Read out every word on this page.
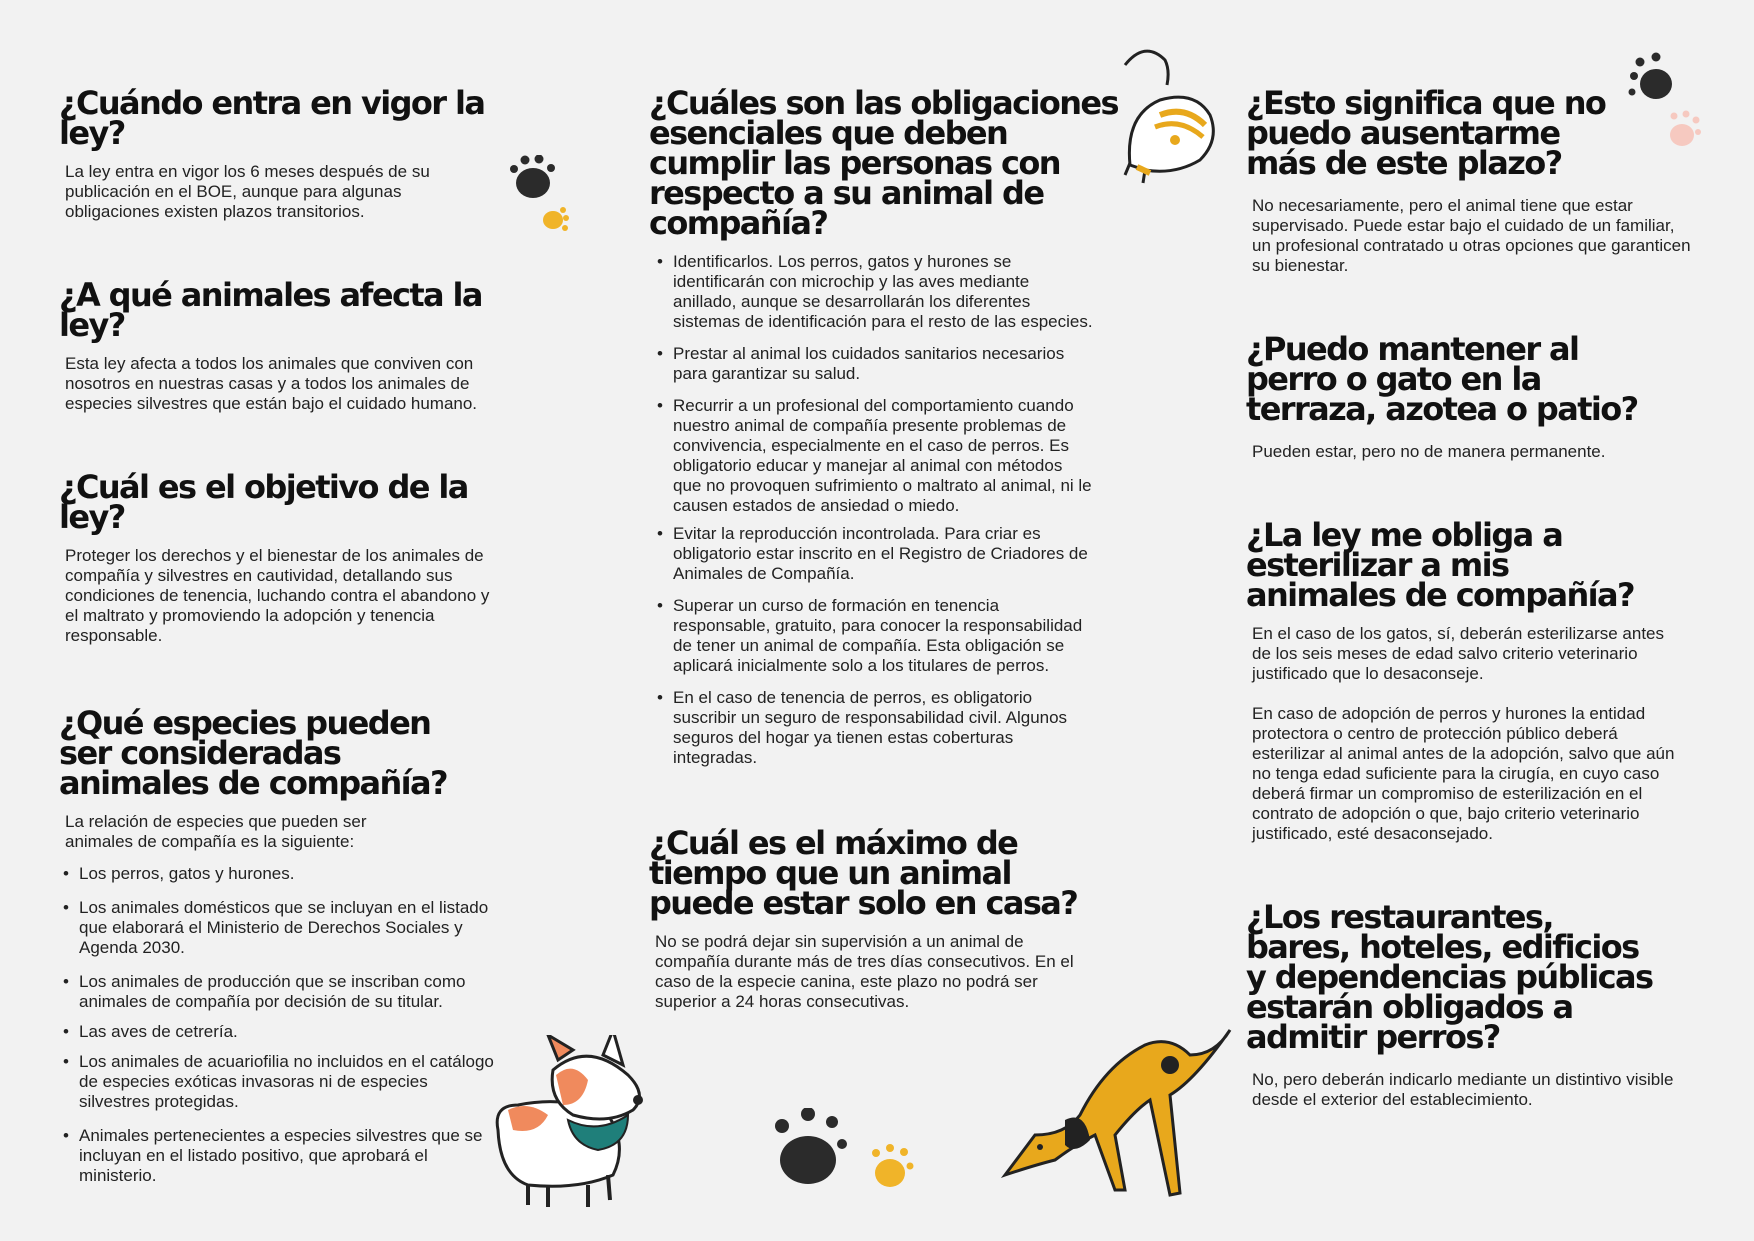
¿Cuándo entra en vigor la ley?

La ley entra en vigor los 6 meses después de su publicación en el BOE, aunque para algunas obligaciones existen plazos transitorios.

¿A qué animales afecta la ley?

Esta ley afecta a todos los animales que conviven con nosotros en nuestras casas y a todos los animales de especies silvestres que están bajo el cuidado humano.

¿Cuál es el objetivo de la ley?

Proteger los derechos y el bienestar de los animales de compañía y silvestres en cautividad, detallando sus condiciones de tenencia, luchando contra el abandono y el maltrato y promoviendo la adopción y tenencia responsable.

¿Qué especies pueden ser consideradas animales de compañía?

La relación de especies que pueden ser animales de compañía es la siguiente:

• Los perros, gatos y hurones.
• Los animales domésticos que se incluyan en el listado que elaborará el Ministerio de Derechos Sociales y Agenda 2030.
• Los animales de producción que se inscriban como animales de compañía por decisión de su titular.
• Las aves de cetrería.
• Los animales de acuariofilia no incluidos en el catálogo de especies exóticas invasoras ni de especies silvestres protegidas.
• Animales pertenecientes a especies silvestres que se incluyan en el listado positivo, que aprobará el ministerio.
¿Cuáles son las obligaciones esenciales que deben cumplir las personas con respecto a su animal de compañía?
• Identificarlos. Los perros, gatos y hurones se identificarán con microchip y las aves mediante anillado, aunque se desarrollarán los diferentes sistemas de identificación para el resto de las especies.
• Prestar al animal los cuidados sanitarios necesarios para garantizar su salud.
• Recurrir a un profesional del comportamiento cuando nuestro animal de compañía presente problemas de convivencia, especialmente en el caso de perros. Es obligatorio educar y manejar al animal con métodos que no provoquen sufrimiento o maltrato al animal, ni le causen estados de ansiedad o miedo.
• Evitar la reproducción incontrolada. Para criar es obligatorio estar inscrito en el Registro de Criadores de Animales de Compañía.
• Superar un curso de formación en tenencia responsable, gratuito, para conocer la responsabilidad de tener un animal de compañía. Esta obligación se aplicará inicialmente solo a los titulares de perros.
• En el caso de tenencia de perros, es obligatorio suscribir un seguro de responsabilidad civil. Algunos seguros del hogar ya tienen estas coberturas integradas.
¿Cuál es el máximo de tiempo que un animal puede estar solo en casa?

No se podrá dejar sin supervisión a un animal de compañía durante más de tres días consecutivos. En el caso de la especie canina, este plazo no podrá ser superior a 24 horas consecutivas.

¿Esto significa que no puedo ausentarme más de este plazo?

No necesariamente, pero el animal tiene que estar supervisado. Puede estar bajo el cuidado de un familiar, un profesional contratado u otras opciones que garanticen su bienestar.

¿Puedo mantener al perro o gato en la terraza, azotea o patio?

Pueden estar, pero no de manera permanente.

¿La ley me obliga a esterilizar a mis animales de compañía?

En el caso de los gatos, sí, deberán esterilizarse antes de los seis meses de edad salvo criterio veterinario justificado que lo desaconseje.

En caso de adopción de perros y hurones la entidad protectora o centro de protección público deberá esterilizar al animal antes de la adopción, salvo que aún no tenga edad suficiente para la cirugía, en cuyo caso deberá firmar un compromiso de esterilización en el contrato de adopción o que, bajo criterio veterinario justificado, esté desaconsejado.

¿Los restaurantes, bares, hoteles, edificios y dependencias públicas estarán obligados a admitir perros?

No, pero deberán indicarlo mediante un distintivo visible desde el exterior del establecimiento.
